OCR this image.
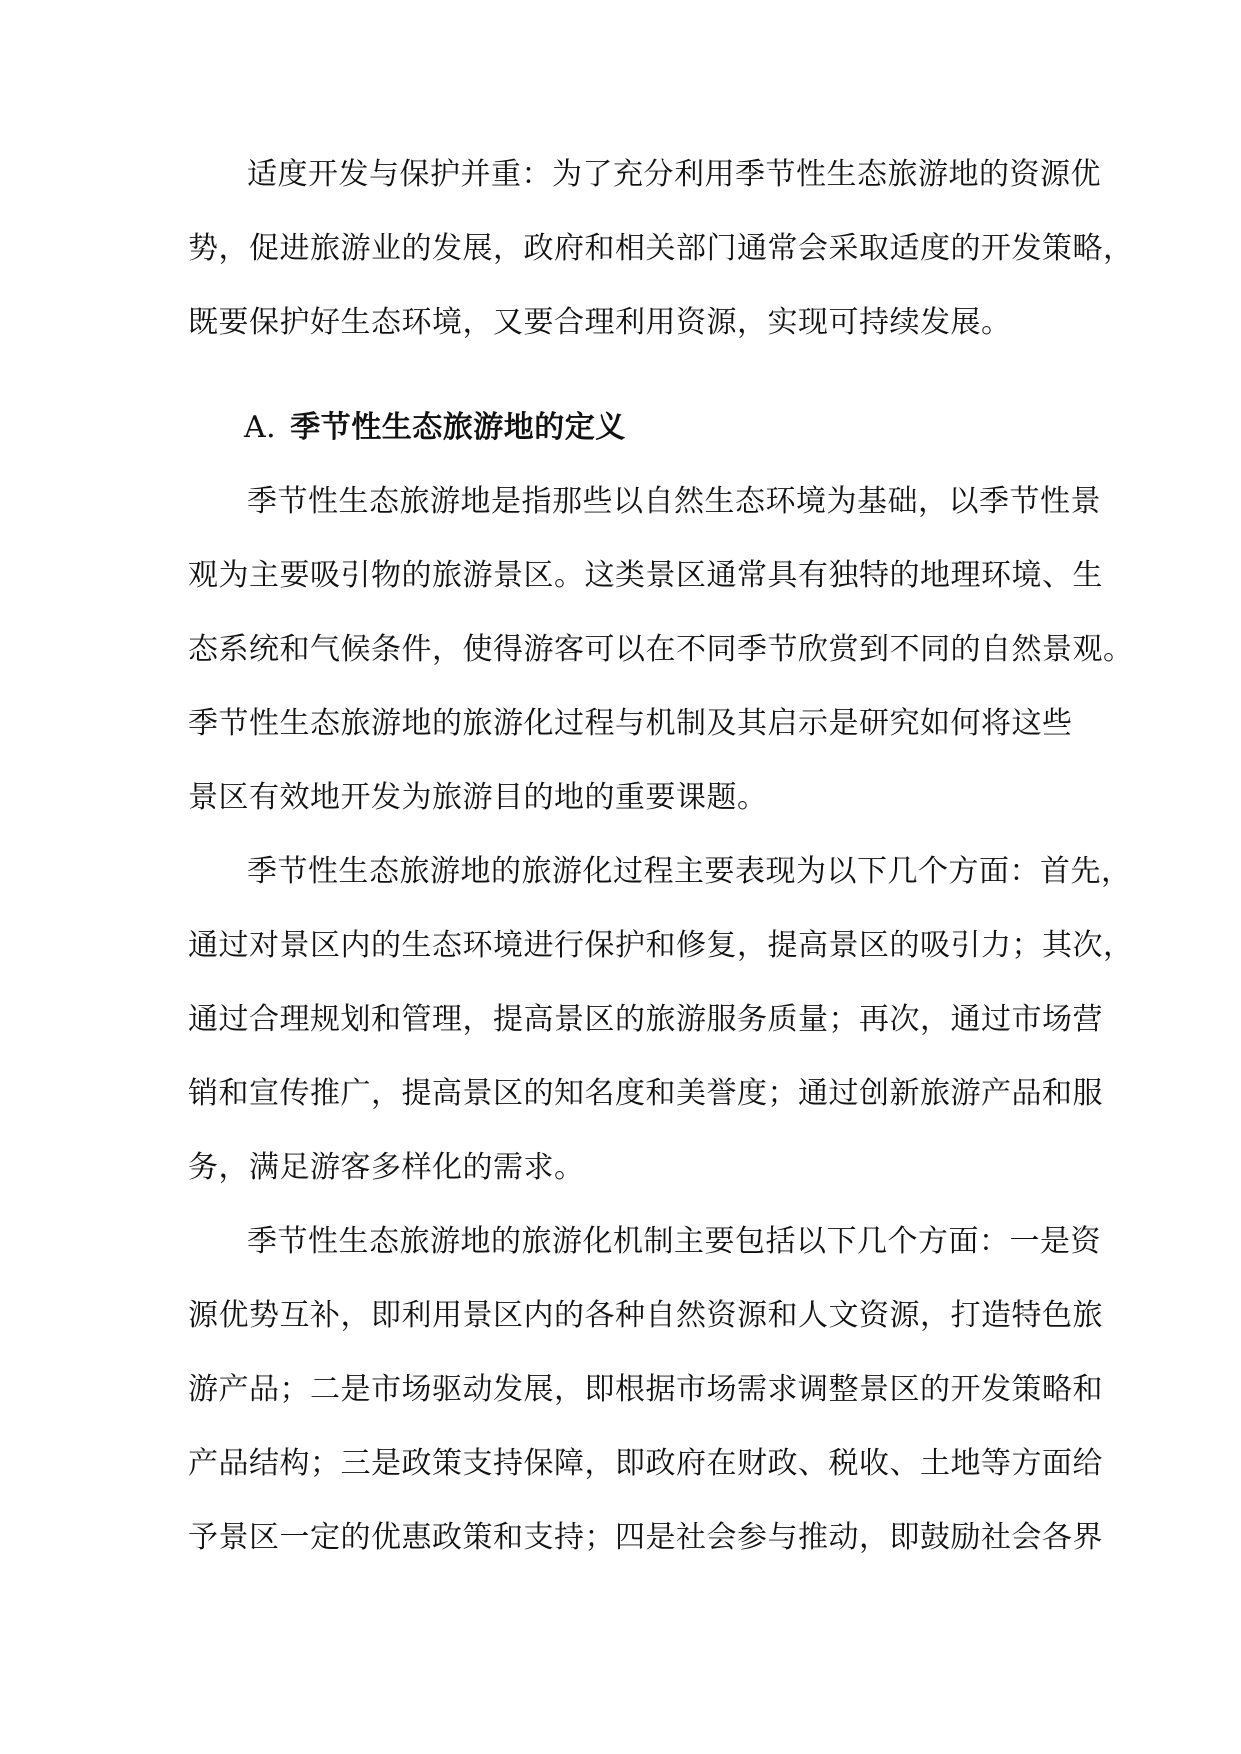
适度开发与保护并重：为了充分利用季节性生态旅游地的资源优

势，促进旅游业的发展，政府和相关部门通常会采取适度的开发策略，

既要保护好生态环境，又要合理利用资源，实现可持续发展。

A. 季节性生态旅游地的定义

季节性生态旅游地是指那些以自然生态环境为基础，以季节性景

观为主要吸引物的旅游景区。这类景区通常具有独特的地理环境、生

态系统和气候条件，使得游客可以在不同季节欣赏到不同的自然景观。

季节性生态旅游地的旅游化过程与机制及其启示是研究如何将这些

景区有效地开发为旅游目的地的重要课题。

季节性生态旅游地的旅游化过程主要表现为以下几个方面：首先，

通过对景区内的生态环境进行保护和修复，提高景区的吸引力；其次，

通过合理规划和管理，提高景区的旅游服务质量；再次，通过市场营

销和宣传推广，提高景区的知名度和美誉度；通过创新旅游产品和服

务，满足游客多样化的需求。

季节性生态旅游地的旅游化机制主要包括以下几个方面：一是资

源优势互补，即利用景区内的各种自然资源和人文资源，打造特色旅

游产品；二是市场驱动发展，即根据市场需求调整景区的开发策略和

产品结构；三是政策支持保障，即政府在财政、税收、土地等方面给

予景区一定的优惠政策和支持；四是社会参与推动，即鼓励社会各界
